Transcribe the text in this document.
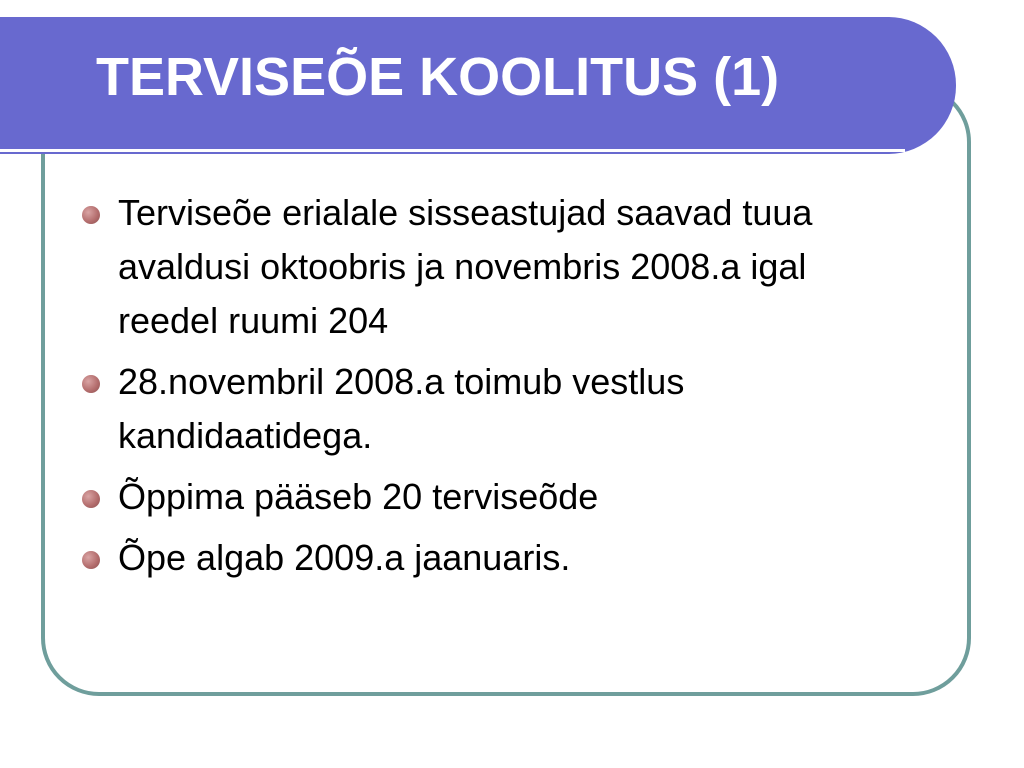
TERVISEÕE KOOLITUS (1)
Terviseõe erialale sisseastujad saavad tuua avaldusi oktoobris ja novembris 2008.a igal reedel ruumi 204
28.novembril 2008.a toimub vestlus kandidaatidega.
Õppima pääseb 20 terviseõde
Õpe algab 2009.a jaanuaris.
